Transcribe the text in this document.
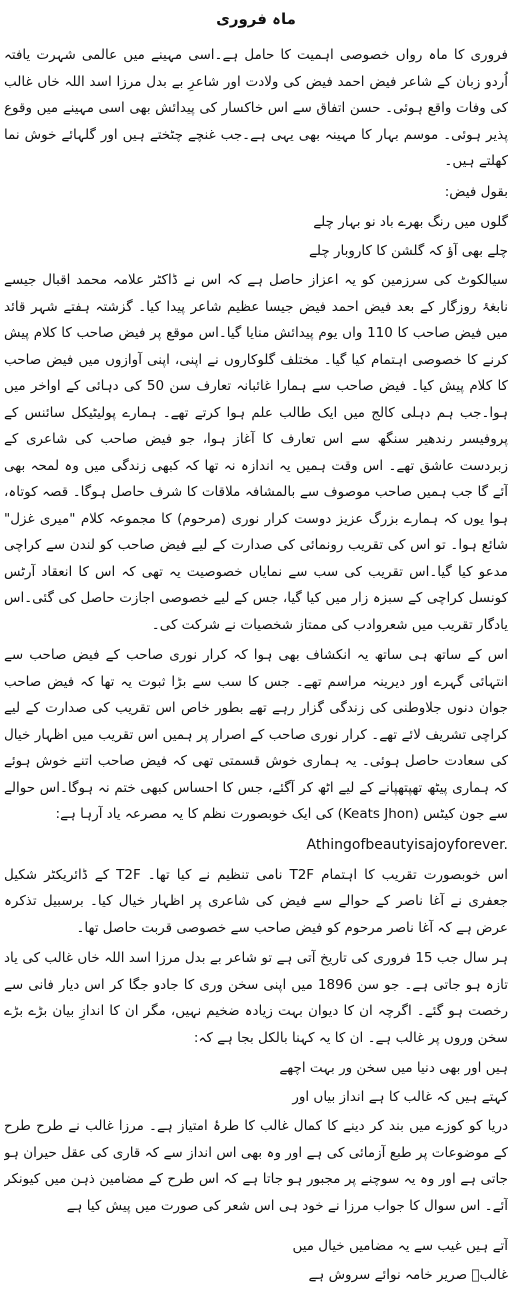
ماہ فروری

فروری کا ماہ رواں خصوصی اہمیت کا حامل ہے۔اسی مہینے میں عالمی شہرت یافتہ اُردو زبان کے شاعر فیض احمد فیض کی ولادت اور شاعرِ بے بدل مرزا اسد اللہ خاں غالب کی وفات واقع ہوئی۔ حسن اتفاق سے اس خاکسار کی پیدائش بھی اسی مہینے میں وقوع پذیر ہوئی۔ موسم بہار کا مہینہ بھی یہی ہے۔جب غنچے چٹختے ہیں اور گلہائے خوش نما کھلتے ہیں۔

بقول فیض:

گلوں میں رنگ بھرے باد نو بہار چلے
چلے بھی آؤ کہ گلشن کا کاروبار چلے

سیالکوٹ کی سرزمین کو یہ اعزاز حاصل ہے کہ اس نے ڈاکٹر علامہ محمد اقبال جیسے نابغۂ روزگار کے بعد فیض احمد فیض جیسا عظیم شاعر پیدا کیا۔ گزشتہ ہفتے شہر قائد میں فیض صاحب کا 110 واں یوم پیدائش منایا گیا۔اس موقع پر فیض صاحب کا کلام پیش کرنے کا خصوصی اہتمام کیا گیا۔ مختلف گلوکاروں نے اپنی، اپنی آوازوں میں فیض صاحب کا کلام پیش کیا۔ فیض صاحب سے ہمارا غائبانہ تعارف سن 50 کی دہائی کے اواخر میں ہوا۔جب ہم دہلی کالج میں ایک طالب علم ہوا کرتے تھے۔ ہمارے پولیٹیکل سائنس کے پروفیسر رندھیر سنگھ سے اس تعارف کا آغاز ہوا، جو فیض صاحب کی شاعری کے زبردست عاشق تھے۔ اس وقت ہمیں یہ اندازہ نہ تھا کہ کبھی زندگی میں وہ لمحہ بھی آئے گا جب ہمیں صاحب موصوف سے بالمشافہ ملاقات کا شرف حاصل ہوگا۔ قصہ کوتاہ، ہوا یوں کہ ہمارے بزرگ عزیز دوست کرار نوری (مرحوم) کا مجموعہ کلام "میری غزل" شائع ہوا۔ تو اس کی تقریب رونمائی کی صدارت کے لیے فیض صاحب کو لندن سے کراچی مدعو کیا گیا۔اس تقریب کی سب سے نمایاں خصوصیت یہ تھی کہ اس کا انعقاد آرٹس کونسل کراچی کے سبزہ زار میں کیا گیا، جس کے لیے خصوصی اجازت حاصل کی گئی۔اس یادگار تقریب میں شعروادب کی ممتاز شخصیات نے شرکت کی۔

اس کے ساتھ ہی ساتھ یہ انکشاف بھی ہوا کہ کرار نوری صاحب کے فیض صاحب سے انتہائی گہرے اور دیرینہ مراسم تھے۔ جس کا سب سے بڑا ثبوت یہ تھا کہ فیض صاحب جوان دنوں جلاوطنی کی زندگی گزار رہے تھے بطور خاص اس تقریب کی صدارت کے لیے کراچی تشریف لائے تھے۔ کرار نوری صاحب کے اصرار پر ہمیں اس تقریب میں اظہار خیال کی سعادت حاصل ہوئی۔ یہ ہماری خوش قسمتی تھی کہ فیض صاحب اتنے خوش ہوئے کہ ہماری پیٹھ تھپتھپانے کے لیے اٹھ کر آگئے، جس کا احساس کبھی ختم نہ ہوگا۔اس حوالے سے جون کیٹس (Keats Jhon) کی ایک خوبصورت نظم کا یہ مصرعہ یاد آرہا ہے:

Athingofbeautyisajoyforever.

اس خوبصورت تقریب کا اہتمام T2F نامی تنظیم نے کیا تھا۔ T2F کے ڈائریکٹر شکیل جعفری نے آغا ناصر کے حوالے سے فیض کی شاعری پر اظہار خیال کیا۔ برسبیل تذکرہ عرض ہے کہ آغا ناصر مرحوم کو فیض صاحب سے خصوصی قربت حاصل تھا۔

ہر سال جب 15 فروری کی تاریخ آتی ہے تو شاعر بے بدل مرزا اسد اللہ خاں غالب کی یاد تازہ ہو جاتی ہے۔ جو سن 1896 میں اپنی سخن وری کا جادو جگا کر اس دیار فانی سے رخصت ہو گئے۔ اگرچہ ان کا دیوان بہت زیادہ ضخیم نہیں، مگر ان کا اندازِ بیان بڑے بڑے سخن وروں پر غالب ہے۔ ان کا یہ کہنا بالکل بجا ہے کہ:

ہیں اور بھی دنیا میں سخن ور بہت اچھے
کہتے ہیں کہ غالب کا ہے انداز بیاں اور

دریا کو کوزے میں بند کر دینے کا کمال غالب کا طرۂ امتیاز ہے۔ مرزا غالب نے طرح طرح کے موضوعات پر طبع آزمائی کی ہے اور وہ بھی اس انداز سے کہ قاری کی عقل حیران ہو جاتی ہے اور وہ یہ سوچنے پر مجبور ہو جاتا ہے کہ اس طرح کے مضامین ذہن میں کیونکر آئے۔ اس سوال کا جواب مرزا نے خود ہی اس شعر کی صورت میں پیش کیا ہے

آتے ہیں غیب سے یہ مضامیں خیال میں
غالبؔ صریر خامہ نوائے سروش ہے
